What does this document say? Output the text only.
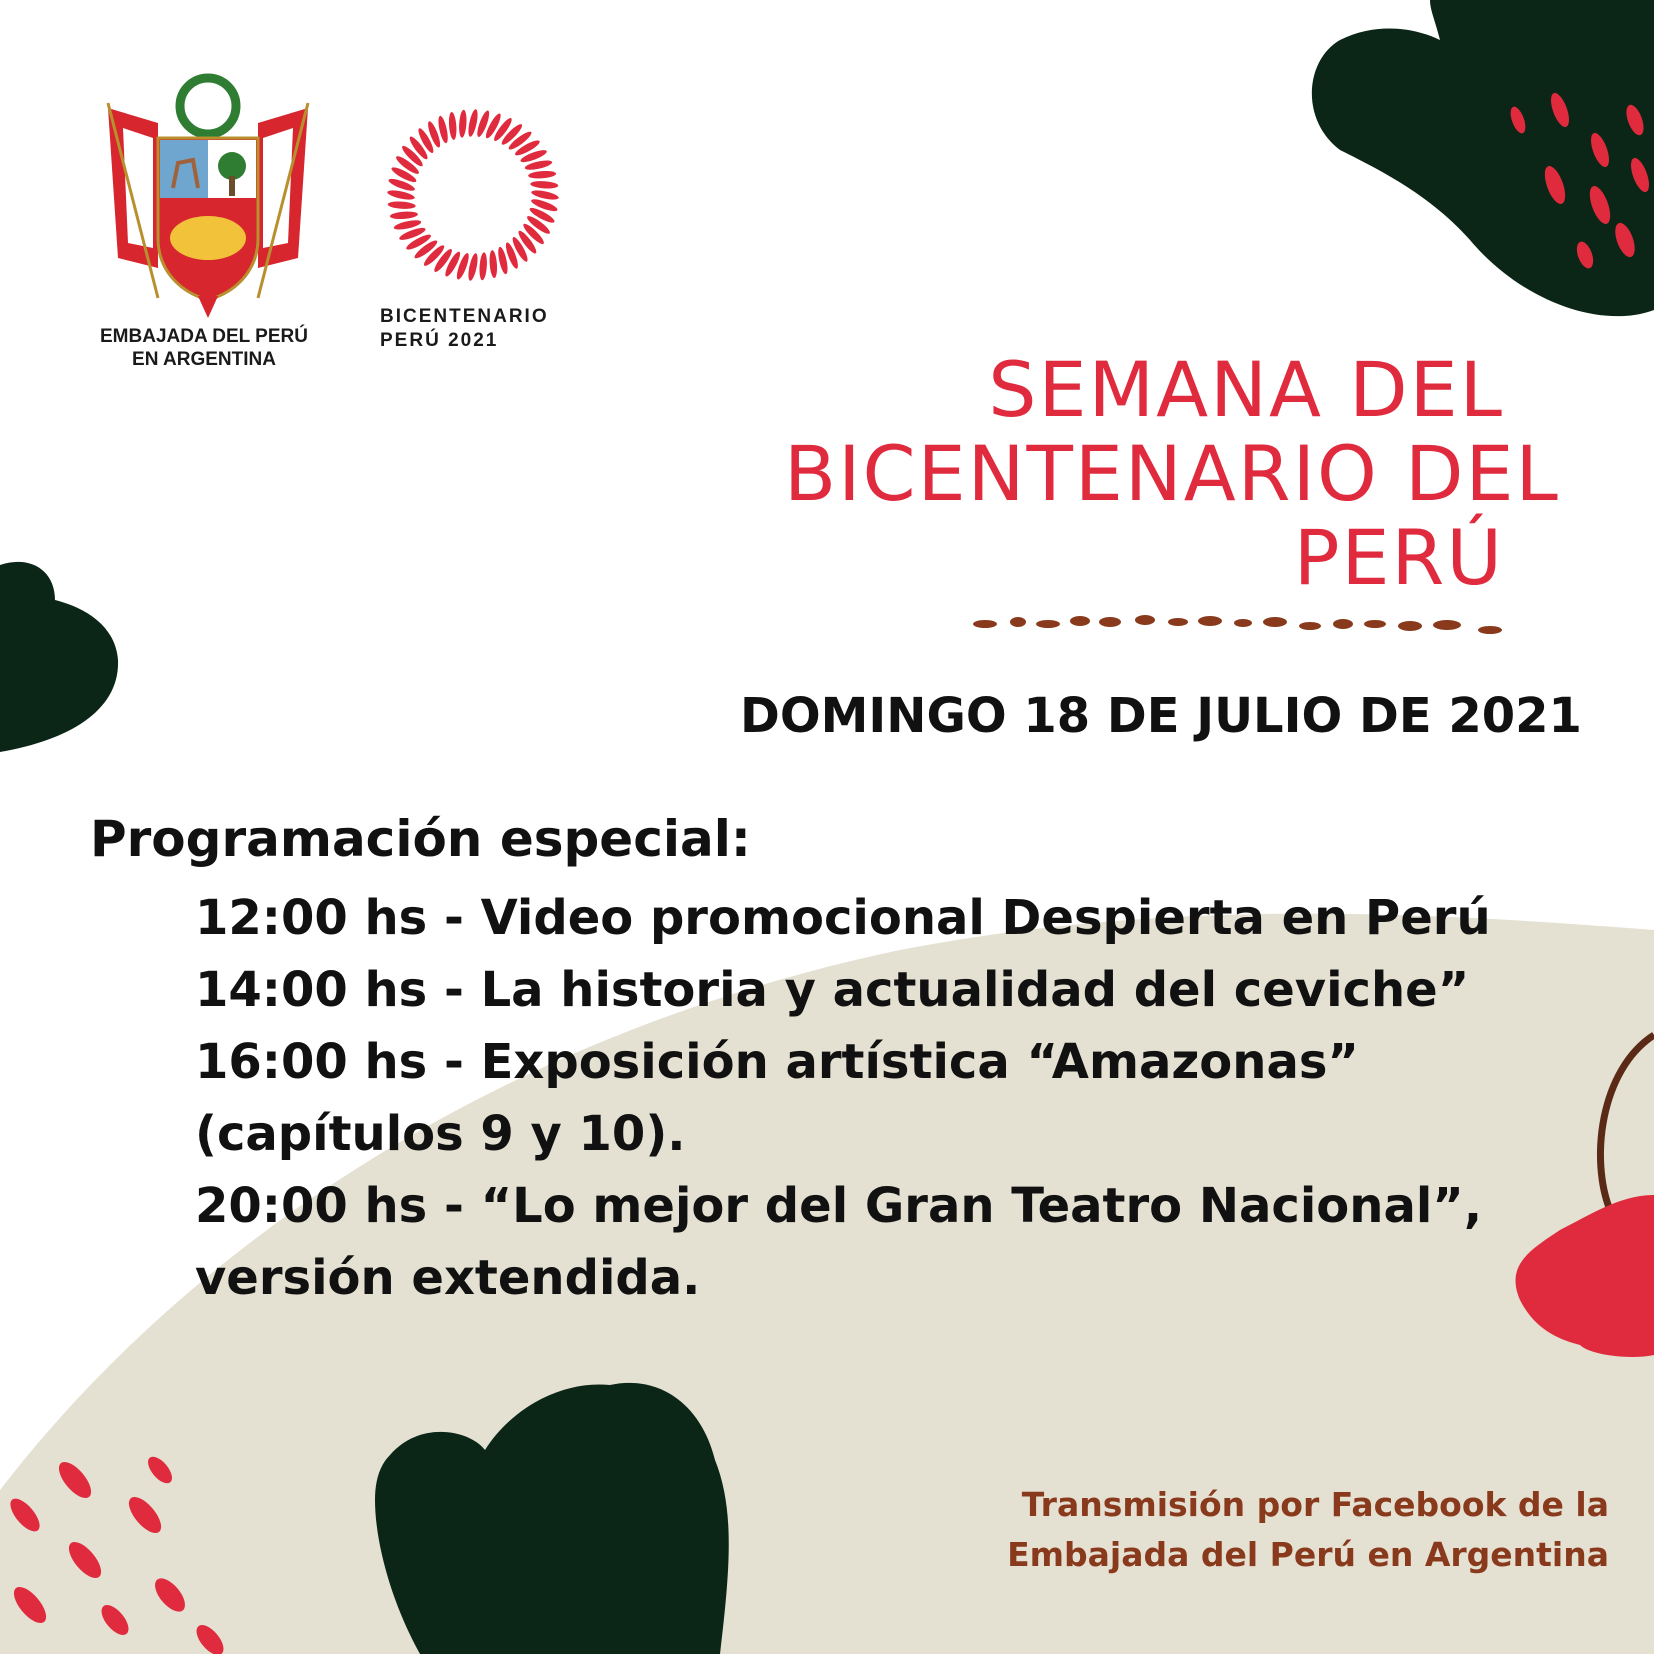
EMBAJADA DEL PERÚ
EN ARGENTINA
BICENTENARIO
PERÚ 2021
SEMANA DEL
BICENTENARIO DEL
PERÚ
DOMINGO 18 DE JULIO DE 2021
Programación especial:
12:00 hs - Video promocional Despierta en Perú
14:00 hs - La historia y actualidad del ceviche”
16:00 hs - Exposición artística “Amazonas”
(capítulos 9 y 10).
20:00 hs - “Lo mejor del Gran Teatro Nacional”,
versión extendida.
Transmisión por Facebook de la
Embajada del Perú en Argentina
